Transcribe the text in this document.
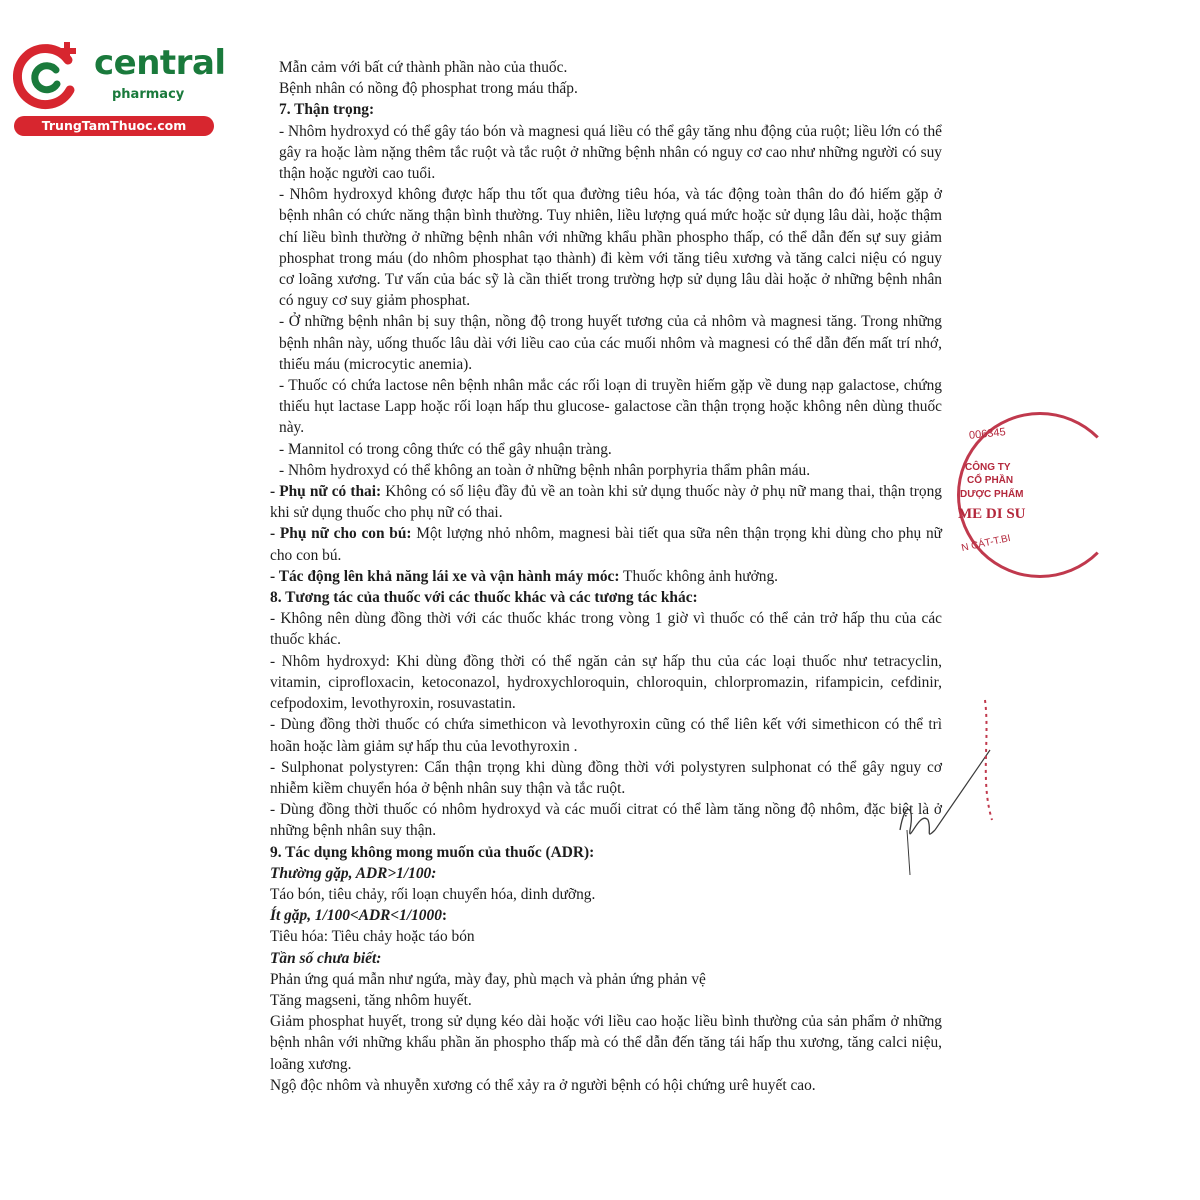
central
pharmacy
TrungTamThuoc.com

Mẫn cảm với bất cứ thành phần nào của thuốc.

Bệnh nhân có nồng độ phosphat trong máu thấp.

7. Thận trọng:

- Nhôm hydroxyd có thể gây táo bón và magnesi quá liều có thể gây tăng nhu động của ruột; liều lớn có thể gây ra hoặc làm nặng thêm tắc ruột và tắc ruột ở những bệnh nhân có nguy cơ cao như những người có suy thận hoặc người cao tuổi.

- Nhôm hydroxyd không được hấp thu tốt qua đường tiêu hóa, và tác động toàn thân do đó hiếm gặp ở bệnh nhân có chức năng thận bình thường. Tuy nhiên, liều lượng quá mức hoặc sử dụng lâu dài, hoặc thậm chí liều bình thường ở những bệnh nhân với những khẩu phần phospho thấp, có thể dẫn đến sự suy giảm phosphat trong máu (do nhôm phosphat tạo thành) đi kèm với tăng tiêu xương và tăng calci niệu có nguy cơ loãng xương. Tư vấn của bác sỹ là cần thiết trong trường hợp sử dụng lâu dài hoặc ở những bệnh nhân có nguy cơ suy giảm phosphat.

- Ở những bệnh nhân bị suy thận, nồng độ trong huyết tương của cả nhôm và magnesi tăng. Trong những bệnh nhân này, uống thuốc lâu dài với liều cao của các muối nhôm và magnesi có thể dẫn đến mất trí nhớ, thiếu máu (microcytic anemia).

- Thuốc có chứa lactose nên bệnh nhân mắc các rối loạn di truyền hiếm gặp về dung nạp galactose, chứng thiếu hụt lactase Lapp hoặc rối loạn hấp thu glucose- galactose cần thận trọng hoặc không nên dùng thuốc này.

- Mannitol có trong công thức có thể gây nhuận tràng.

- Nhôm hydroxyd có thể không an toàn ở những bệnh nhân porphyria thẩm phân máu.

- Phụ nữ có thai: Không có số liệu đầy đủ về an toàn khi sử dụng thuốc này ở phụ nữ mang thai, thận trọng khi sử dụng thuốc cho phụ nữ có thai.

- Phụ nữ cho con bú: Một lượng nhỏ nhôm, magnesi bài tiết qua sữa nên thận trọng khi dùng cho phụ nữ cho con bú.

- Tác động lên khả năng lái xe và vận hành máy móc: Thuốc không ảnh hưởng.

8. Tương tác của thuốc với các thuốc khác và các tương tác khác:

- Không nên dùng đồng thời với các thuốc khác trong vòng 1 giờ vì thuốc có thể cản trở hấp thu của các thuốc khác.

- Nhôm hydroxyd: Khi dùng đồng thời có thể ngăn cản sự hấp thu của các loại thuốc như tetracyclin, vitamin, ciprofloxacin, ketoconazol, hydroxychloroquin, chloroquin, chlorpromazin, rifampicin, cefdinir, cefpodoxim, levothyroxin, rosuvastatin.

- Dùng đồng thời thuốc có chứa simethicon và levothyroxin cũng có thể liên kết với simethicon có thể trì hoãn hoặc làm giảm sự hấp thu của levothyroxin .

- Sulphonat polystyren: Cẩn thận trọng khi dùng đồng thời với polystyren sulphonat có thể gây nguy cơ nhiễm kiềm chuyển hóa ở bệnh nhân suy thận và tắc ruột.

- Dùng đồng thời thuốc có nhôm hydroxyd và các muối citrat có thể làm tăng nồng độ nhôm, đặc biệt là ở những bệnh nhân suy thận.

9. Tác dụng không mong muốn của thuốc (ADR):

Thường gặp, ADR>1/100:

Táo bón, tiêu chảy, rối loạn chuyển hóa, dinh dưỡng.

Ít gặp, 1/100<ADR<1/1000:

Tiêu hóa: Tiêu chảy hoặc táo bón

Tần số chưa biết:

Phản ứng quá mẫn như ngứa, mày đay, phù mạch và phản ứng phản vệ

Tăng magseni, tăng nhôm huyết.

Giảm phosphat huyết, trong sử dụng kéo dài hoặc với liều cao hoặc liều bình thường của sản phẩm ở những bệnh nhân với những khẩu phần ăn phospho thấp mà có thể dẫn đến tăng tái hấp thu xương, tăng calci niệu, loãng xương.

Ngộ độc nhôm và nhuyễn xương có thể xảy ra ở người bệnh có hội chứng urê huyết cao.

006345
CÔNG TY
CỔ PHẦN
DƯỢC PHẨM
ME DI SU
N CÁT-T.BI
